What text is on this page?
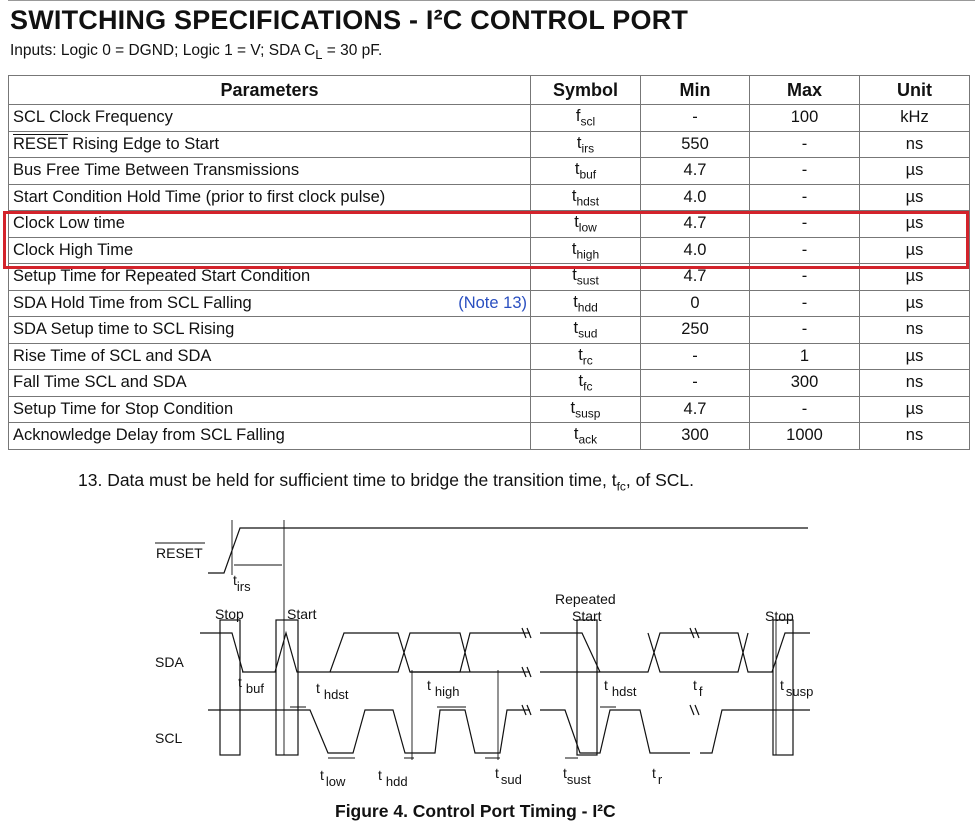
SWITCHING SPECIFICATIONS - I²C CONTROL PORT
Inputs: Logic 0 = DGND; Logic 1 = V; SDA $C_L = 30$ pF.
Parameters	Symbol	Min	Max	Unit
SCL Clock Frequency	$f_{scl}$	-	100	kHz
RESET Rising Edge to Start	$t_{irs}$	550	-	ns
Bus Free Time Between Transmissions	$t_{buf}$	4.7	-	µs
Start Condition Hold Time (prior to first clock pulse)	$t_{hdst}$	4.0	-	µs
Clock Low time	$t_{low}$	4.7	-	µs
Clock High Time	$t_{high}$	4.0	-	µs
Setup Time for Repeated Start Condition	$t_{sust}$	4.7	-	µs

(Note 13)
SDA Hold Time from SCL Falling	$t_{hdd}$	0	-	µs
SDA Setup time to SCL Rising	$t_{sud}$	250	-	ns
Rise Time of SCL and SDA	$t_{rc}$	-	1	µs
Fall Time SCL and SDA	$t_{fc}$	-	300	ns
Setup Time for Stop Condition	$t_{susp}$	4.7	-	µs
Acknowledge Delay from SCL Falling	$t_{ack}$	300	1000	ns
13. Data must be held for sufficient time to bridge the transition time, $t_{fc}$, of SCL.
RESET
SDA
SCL
Stop	Start
Repeated
Start	Stop
tirs
t buf	t hdst
t high	t hdst	t f	t susp
t low t hdd
t sud	tsust	t r
Figure 4. Control Port Timing - I²C
